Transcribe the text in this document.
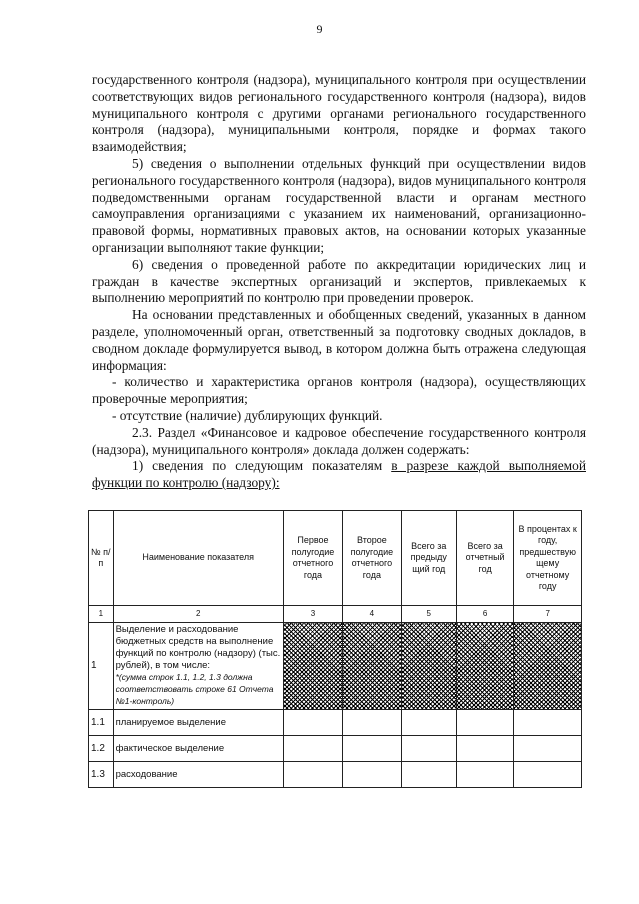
9

государственного контроля (надзора), муниципального контроля при осуществлении соответствующих видов регионального государственного контроля (надзора), видов муниципального контроля с другими органами регионального государственного контроля (надзора), муниципальными контроля, порядке и формах такого взаимодействия;

5) сведения о выполнении отдельных функций при осуществлении видов регионального государственного контроля (надзора), видов муниципального контроля подведомственными органам государственной власти и органам местного самоуправления организациями с указанием их наименований, организационно-правовой формы, нормативных правовых актов, на основании которых указанные организации выполняют такие функции;

6) сведения о проведенной работе по аккредитации юридических лиц и граждан в качестве экспертных организаций и экспертов, привлекаемых к выполнению мероприятий по контролю при проведении проверок.

На основании представленных и обобщенных сведений, указанных в данном разделе, уполномоченный орган, ответственный за подготовку сводных докладов, в сводном докладе формулируется вывод, в котором должна быть отражена следующая информация:

- количество и характеристика органов контроля (надзора), осуществляющих проверочные мероприятия;

- отсутствие (наличие) дублирующих функций.

2.3. Раздел «Финансовое и кадровое обеспечение государственного контроля (надзора), муниципального контроля» доклада должен содержать:

1) сведения по следующим показателям в разрезе каждой выполняемой функции по контролю (надзору):

№ п/п	Наименование показателя	Первое полугодие отчетного года	Второе полугодие отчетного года	Всего за предыду щий год	Всего за отчетный год	В процентах к году, предшествую щему отчетному году
1	2	3	4	5	6	7
1	Выделение и расходование бюджетных средств на выполнение функций по контролю (надзору) (тыс. рублей), в том числе:
*(сумма строк 1.1, 1.2, 1.3 должна соответствовать строке 61 Отчета №1-контроль)					
1.1	планируемое выделение					
1.2	фактическое выделение					
1.3	расходование					
